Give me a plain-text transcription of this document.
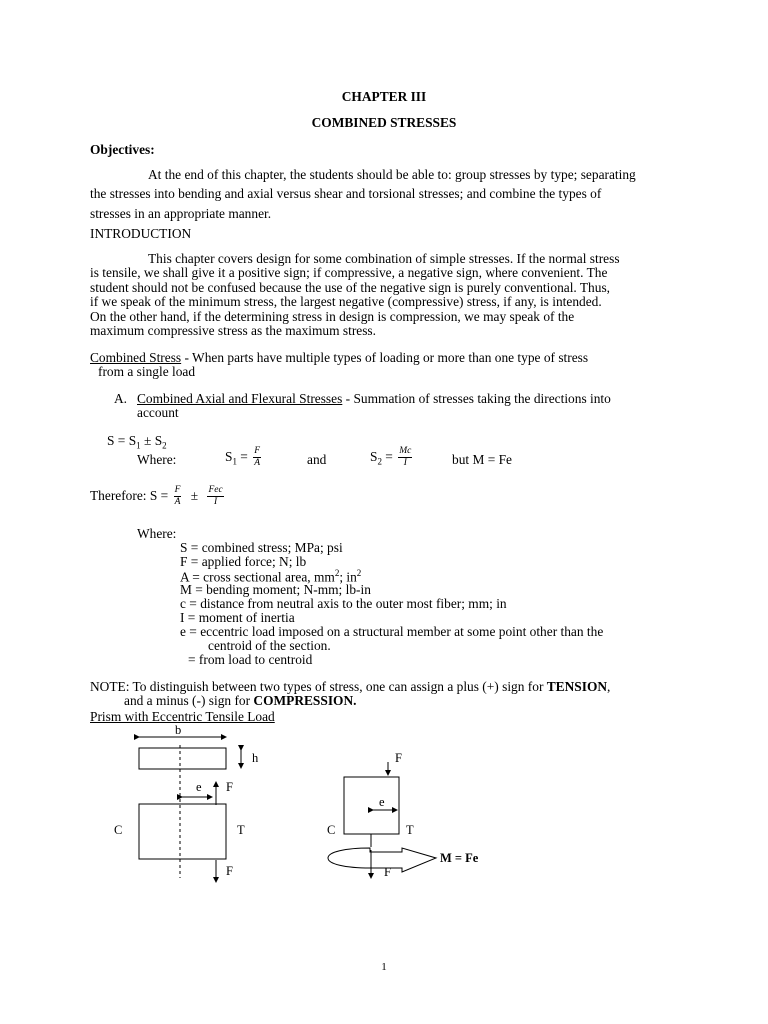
CHAPTER III
COMBINED STRESSES
Objectives:
At the end of this chapter, the students should be able to: group stresses by type; separating
the stresses into bending and axial versus shear and torsional stresses; and combine the types of
stresses in an appropriate manner.
INTRODUCTION
This chapter covers design for some combination of simple stresses. If the normal stress
is tensile, we shall give it a positive sign; if compressive, a negative sign, where convenient. The
student should not be confused because the use of the negative sign is purely conventional. Thus,
if we speak of the minimum stress, the largest negative (compressive) stress, if any, is intended.
On the other hand, if the determining stress in design is compression, we may speak of the
maximum compressive stress as the maximum stress.
Combined Stress - When parts have multiple types of loading or more than one type of stress
from a single load
A. Combined Axial and Flexural Stresses - Summation of stresses taking the directions into
account
$S = S_1 \pm S_2$
Where:	$S_1 = \frac{F}{A}$	and	$S_2 = \frac{Mc}{I}$	but M = Fe
Therefore: $S = \frac{F}{A} \pm \frac{\text{Fec}}{I}$
Where:
S = combined stress; MPa; psi
F = applied force; N; lb
A = cross sectional area, $mm^2$; $in^2$
M = bending moment; N-mm; lb-in
c = distance from neutral axis to the outer most fiber; mm; in
I = moment of inertia
e = eccentric load imposed on a structural member at some point other than the
centroid of the section.
= from load to centroid
NOTE: To distinguish between two types of stress, one can assign a plus (+) sign for TENSION,
and a minus (-) sign for COMPRESSION.
Prism with Eccentric Tensile Load
b
h
e F
C	T
F
F
e
C	T
F
M = Fe
1
